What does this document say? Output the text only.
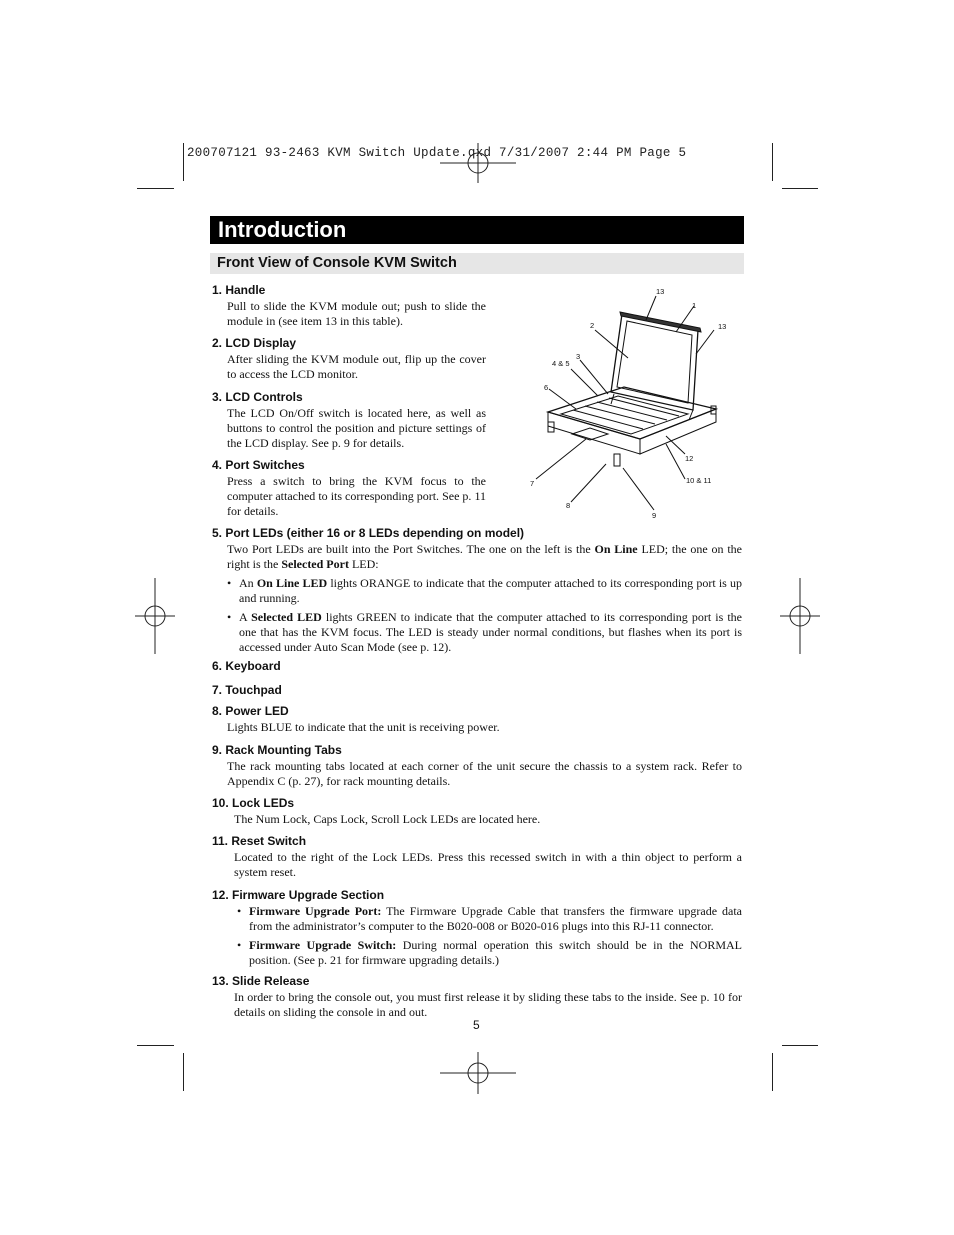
200707121 93-2463 KVM Switch Update.qxd 7/31/2007 2:44 PM Page 5
Introduction
Front View of Console KVM Switch
13
1
13
2
3
4 & 5
6
12
10 & 11
7
8
9
1. Handle
Pull to slide the KVM module out; push to slide the module in (see item 13 in this table).
2. LCD Display
After sliding the KVM module out, flip up the cover to access the LCD monitor.
3. LCD Controls
The LCD On/Off switch is located here, as well as buttons to control the position and picture settings of the LCD display. See p. 9 for details.
4. Port Switches
Press a switch to bring the KVM focus to the computer attached to its corresponding port. See p. 11 for details.
5. Port LEDs (either 16 or 8 LEDs depending on model)
Two Port LEDs are built into the Port Switches. The one on the left is the On Line LED; the one on the right is the Selected Port LED:
• An On Line LED lights ORANGE to indicate that the computer attached to its corresponding port is up and running.
• A Selected LED lights GREEN to indicate that the computer attached to its corresponding port is the one that has the KVM focus. The LED is steady under normal conditions, but flashes when its port is accessed under Auto Scan Mode (see p. 12).
6. Keyboard
7. Touchpad
8. Power LED
Lights BLUE to indicate that the unit is receiving power.
9. Rack Mounting Tabs
The rack mounting tabs located at each corner of the unit secure the chassis to a system rack. Refer to Appendix C (p. 27), for rack mounting details.
10. Lock LEDs
The Num Lock, Caps Lock, Scroll Lock LEDs are located here.
11. Reset Switch
Located to the right of the Lock LEDs. Press this recessed switch in with a thin object to perform a system reset.
12. Firmware Upgrade Section
• Firmware Upgrade Port: The Firmware Upgrade Cable that transfers the firmware upgrade data from the administrator’s computer to the B020-008 or B020-016 plugs into this RJ-11 connector.
• Firmware Upgrade Switch: During normal operation this switch should be in the NORMAL position. (See p. 21 for firmware upgrading details.)
13. Slide Release
In order to bring the console out, you must first release it by sliding these tabs to the inside. See p. 10 for details on sliding the console in and out.
5
